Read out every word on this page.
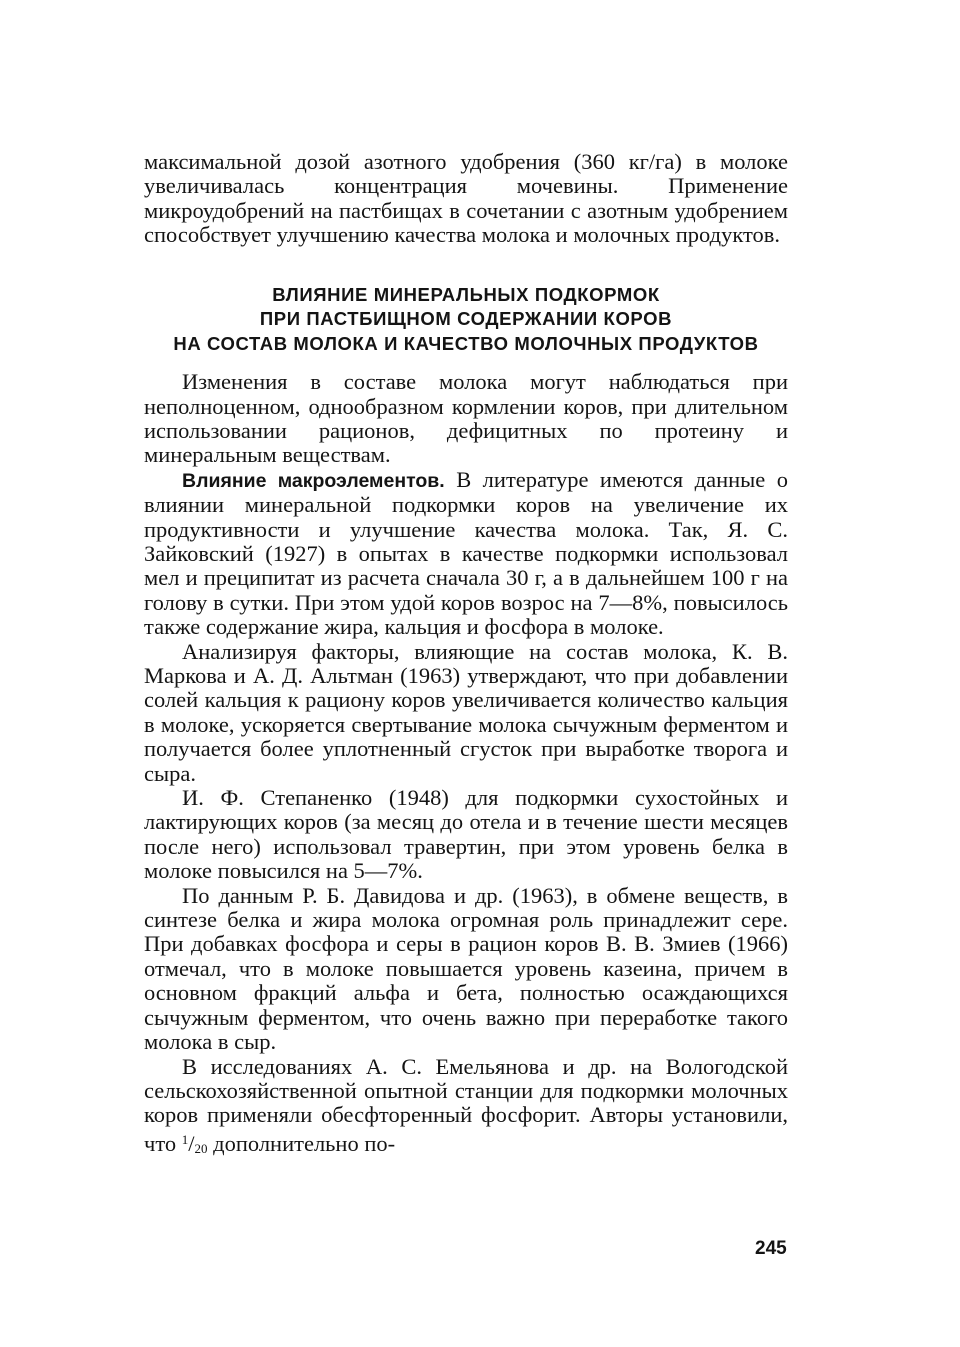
максимальной дозой азотного удобрения (360 кг/га) в молоке увеличивалась концентрация мочевины. Применение микроудобрений на пастбищах в сочетании с азотным удобрением способствует улучшению качества молока и молочных продуктов.

ВЛИЯНИЕ МИНЕРАЛЬНЫХ ПОДКОРМОК
ПРИ ПАСТБИЩНОМ СОДЕРЖАНИИ КОРОВ
НА СОСТАВ МОЛОКА И КАЧЕСТВО МОЛОЧНЫХ ПРОДУКТОВ

Изменения в составе молока могут наблюдаться при неполноценном, однообразном кормлении коров, при длительном использовании рационов, дефицитных по протеину и минеральным веществам.

Влияние макроэлементов. В литературе имеются данные о влиянии минеральной подкормки коров на увеличение их продуктивности и улучшение качества молока. Так, Я. С. Зайковский (1927) в опытах в качестве подкормки использовал мел и преципитат из расчета сначала 30 г, а в дальнейшем 100 г на голову в сутки. При этом удой коров возрос на 7—8%, повысилось также содержание жира, кальция и фосфора в молоке.

Анализируя факторы, влияющие на состав молока, К. В. Маркова и А. Д. Альтман (1963) утверждают, что при добавлении солей кальция к рациону коров увеличивается количество кальция в молоке, ускоряется свертывание молока сычужным ферментом и получается более уплотненный сгусток при выработке творога и сыра.

И. Ф. Степаненко (1948) для подкормки сухостойных и лактирующих коров (за месяц до отела и в течение шести месяцев после него) использовал травертин, при этом уровень белка в молоке повысился на 5—7%.

По данным Р. Б. Давидова и др. (1963), в обмене веществ, в синтезе белка и жира молока огромная роль принадлежит сере. При добавках фосфора и серы в рацион коров В. В. Змиев (1966) отмечал, что в молоке повышается уровень казеина, причем в основном фракций альфа и бета, полностью осаждающихся сычужным ферментом, что очень важно при переработке такого молока в сыр.

В исследованиях А. С. Емельянова и др. на Вологодской сельскохозяйственной опытной станции для подкормки молочных коров применяли обесфторенный фосфорит. Авторы установили, что $^1$/20 дополнительно по-

245
